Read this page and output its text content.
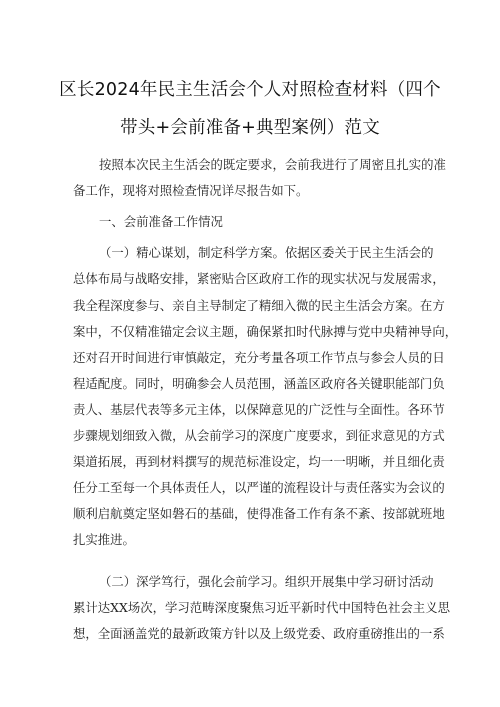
区长2024年民主生活会个人对照检查材料（四个
带头+会前准备+典型案例）范文
按照本次民主生活会的既定要求，会前我进行了周密且扎实的准
备工作，现将对照检查情况详尽报告如下。
一、会前准备工作情况
（一）精心谋划，制定科学方案。依据区委关于民主生活会的
总体布局与战略安排，紧密贴合区政府工作的现实状况与发展需求，
我全程深度参与、亲自主导制定了精细入微的民主生活会方案。在方
案中，不仅精准锚定会议主题，确保紧扣时代脉搏与党中央精神导向，
还对召开时间进行审慎敲定，充分考量各项工作节点与参会人员的日
程适配度。同时，明确参会人员范围，涵盖区政府各关键职能部门负
责人、基层代表等多元主体，以保障意见的广泛性与全面性。各环节
步骤规划细致入微，从会前学习的深度广度要求，到征求意见的方式
渠道拓展，再到材料撰写的规范标准设定，均一一明晰，并且细化责
任分工至每一个具体责任人，以严谨的流程设计与责任落实为会议的
顺利启航奠定坚如磐石的基础，使得准备工作有条不紊、按部就班地
扎实推进。
（二）深学笃行，强化会前学习。组织开展集中学习研讨活动
累计达XX场次，学习范畴深度聚焦习近平新时代中国特色社会主义思
想，全面涵盖党的最新政策方针以及上级党委、政府重磅推出的一系
